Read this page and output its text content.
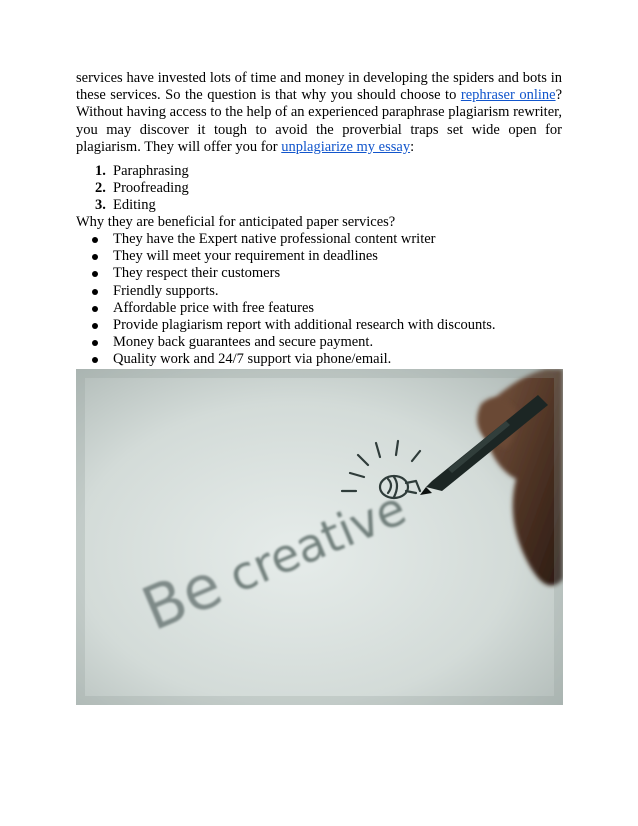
services have invested lots of time and money in developing the spiders and bots in these services. So the question is that why you should choose to rephraser online? Without having access to the help of an experienced paraphrase plagiarism rewriter, you may discover it tough to avoid the proverbial traps set wide open for plagiarism. They will offer you for unplagiarize my essay:

1. Paraphrasing
2. Proofreading
3. Editing

Why they are beneficial for anticipated paper services?

They have the Expert native professional content writer
They will meet your requirement in deadlines
They respect their customers
Friendly supports.
Affordable price with free features
Provide plagiarism report with additional research with discounts.
Money back guarantees and secure payment.
Quality work and 24/7 support via phone/email.
Be
creative
